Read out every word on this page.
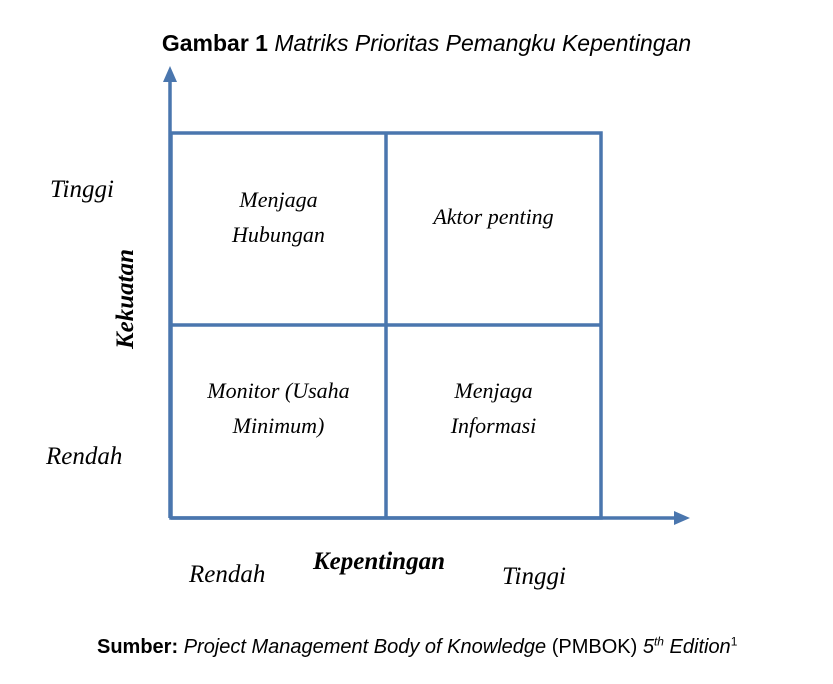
Gambar 1 Matriks Prioritas Pemangku Kepentingan
Tinggi
Rendah
Kekuatan
Menjaga
Hubungan
Aktor penting
Monitor (Usaha
Minimum)
Menjaga
Informasi
Rendah Kepentingan
Tinggi
Sumber: Project Management Body of Knowledge (PMBOK) 5th Edition$^1$
